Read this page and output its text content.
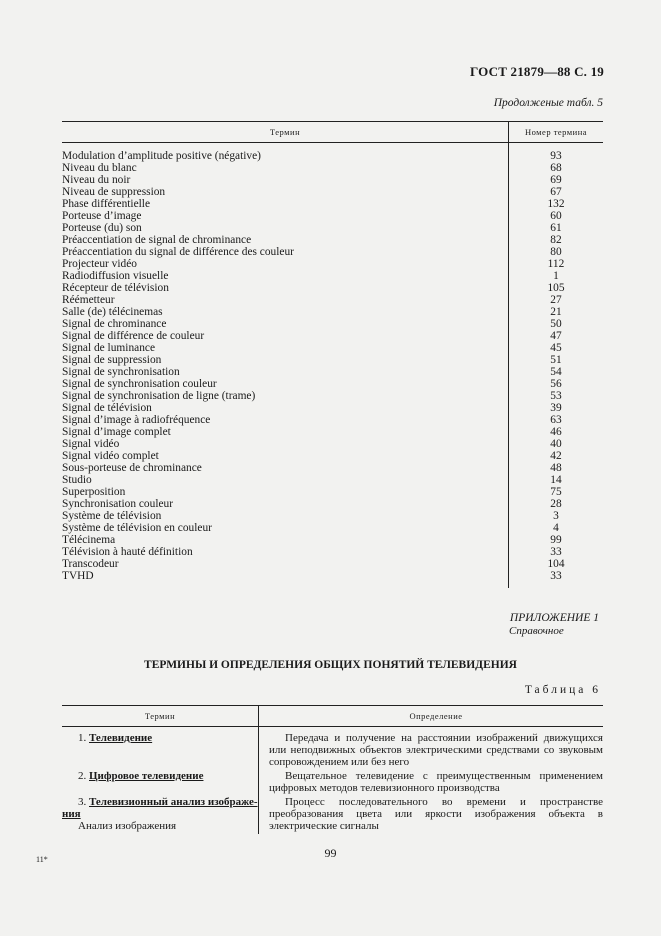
ГОСТ 21879—88 С. 19
Продолженые табл. 5
Термин	Номер термина
Modulation d’amplitude positive (négative)	93
Niveau du blanc	68
Niveau du noir	69
Niveau de suppression	67
Phase différentielle	132
Porteuse d’image	60
Porteuse (du) son	61
Préaccentiation de signal de chrominance	82
Préaccentiation du signal de différence des couleur	80
Projecteur vidéo	112
Radiodiffusion visuelle	1
Récepteur de télévision	105
Réémetteur	27
Salle (de) télécinemas	21
Signal de chrominance	50
Signal de différence de couleur	47
Signal de luminance	45
Signal de suppression	51
Signal de synchronisation	54
Signal de synchronisation couleur	56
Signal de synchronisation de ligne (trame)	53
Signal de télévision	39
Signal d’image à radiofréquence	63
Signal d’image complet	46
Signal vidéo	40
Signal vidéo complet	42
Sous-porteuse de chrominance	48
Studio	14
Superposition	75
Synchronisation couleur	28
Système de télévision	3
Système de télévision en couleur	4
Télécinema	99
Télévision à hauté définition	33
Transcodeur	104
TVHD	33
ПРИЛОЖЕНИЕ 1
Справочное
ТЕРМИНЫ И ОПРЕДЕЛЕНИЯ ОБЩИХ ПОНЯТИЙ ТЕЛЕВИДЕНИЯ
Таблица 6
Термин	Определение

1. Телевидение	Передача и получение на расстоянии изображений движущихся или неподвижных объектов электрическими средствами со звуковым сопровождением или без него

2. Цифровое телевидение	Вещательное телевидение с преимущественным применением цифровых методов телевизионного производства

3. Телевизионный анализ изображе-
ния
Анализ изображения	Процесс последовательного во времени и пространстве преобразования цвета или яркости изображения объекта в электрические сигналы

11*	99
